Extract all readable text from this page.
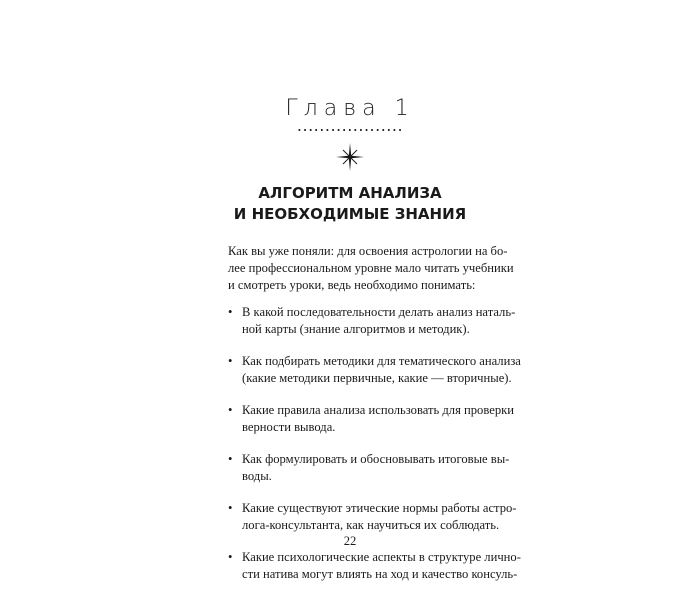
Глава 1
...................
АЛГОРИТМ АНАЛИЗА
И НЕОБХОДИМЫЕ ЗНАНИЯ

Как вы уже поняли: для освоения астрологии на бо-
лее профессиональном уровне мало читать учебники
и смотреть уроки, ведь необходимо понимать:

• В какой последовательности делать анализ наталь-
ной карты (знание алгоритмов и методик).
• Как подбирать методики для тематического анализа
(какие методики первичные, какие — вторичные).
• Какие правила анализа использовать для проверки
верности вывода.
• Как формулировать и обосновывать итоговые вы-
воды.
• Какие существуют этические нормы работы астро-
лога-консультанта, как научиться их соблюдать.
• Какие психологические аспекты в структуре лично-
сти натива могут влиять на ход и качество консуль-
22
